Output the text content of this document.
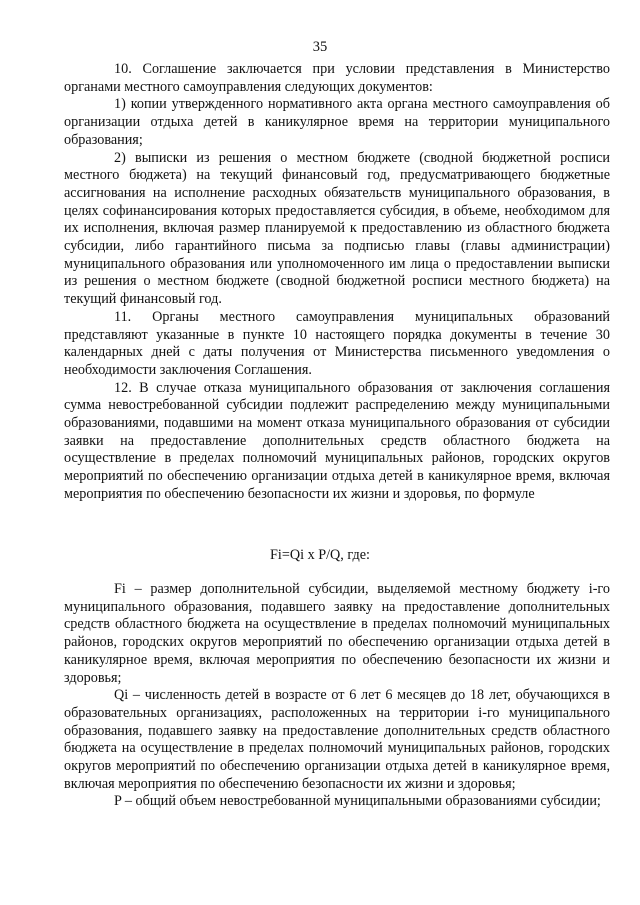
35

10. Соглашение заключается при условии представления в Министерство органами местного самоуправления следующих документов:

1) копии утвержденного нормативного акта органа местного самоуправления об организации отдыха детей в каникулярное время на территории муниципального образования;

2) выписки из решения о местном бюджете (сводной бюджетной росписи местного бюджета) на текущий финансовый год, предусматривающего бюджетные ассигнования на исполнение расходных обязательств муниципального образования, в целях софинансирования которых предоставляется субсидия, в объеме, необходимом для их исполнения, включая размер планируемой к предоставлению из областного бюджета субсидии, либо гарантийного письма за подписью главы (главы администрации) муниципального образования или уполномоченного им лица о предоставлении выписки из решения о местном бюджете (сводной бюджетной росписи местного бюджета) на текущий финансовый год.

11. Органы местного самоуправления муниципальных образований представляют указанные в пункте 10 настоящего порядка документы в течение 30 календарных дней с даты получения от Министерства письменного уведомления о необходимости заключения Соглашения.

12. В случае отказа муниципального образования от заключения соглашения сумма невостребованной субсидии подлежит распределению между муниципальными образованиями, подавшими на момент отказа муниципального образования от субсидии заявки на предоставление дополнительных средств областного бюджета на осуществление в пределах полномочий муниципальных районов, городских округов мероприятий по обеспечению организации отдыха детей в каникулярное время, включая мероприятия по обеспечению безопасности их жизни и здоровья, по формуле

Fi=Qi x P/Q, где:

Fi – размер дополнительной субсидии, выделяемой местному бюджету i-го муниципального образования, подавшего заявку на предоставление дополнительных средств областного бюджета на осуществление в пределах полномочий муниципальных районов, городских округов мероприятий по обеспечению организации отдыха детей в каникулярное время, включая мероприятия по обеспечению безопасности их жизни и здоровья;

Qi – численность детей в возрасте от 6 лет 6 месяцев до 18 лет, обучающихся в образовательных организациях, расположенных на территории i-го муниципального образования, подавшего заявку на предоставление дополнительных средств областного бюджета на осуществление в пределах полномочий муниципальных районов, городских округов мероприятий по обеспечению организации отдыха детей в каникулярное время, включая мероприятия по обеспечению безопасности их жизни и здоровья;

P – общий объем невостребованной муниципальными образованиями субсидии;
